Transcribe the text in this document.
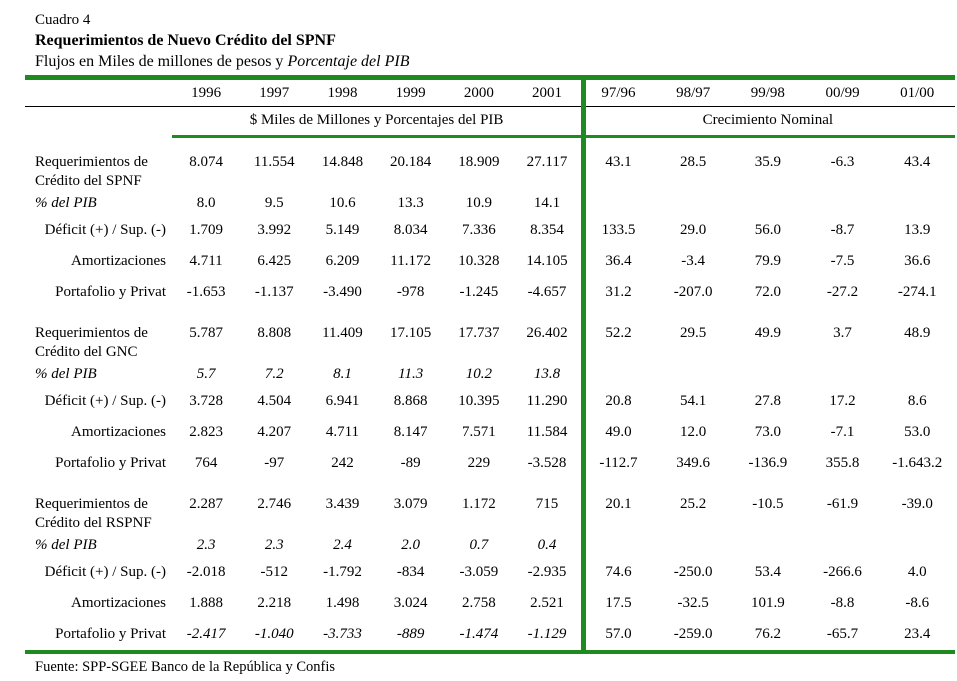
Cuadro 4
Requerimientos de Nuevo Crédito del SPNF
Flujos en Miles de millones de pesos y Porcentaje del PIB
1996	1997	1998	1999	2000	2001	97/96	98/97	99/98	00/99	01/00
$ Miles de Millones y Porcentajes del PIB	Crecimiento Nominal
Requerimientos de
Crédito del SPNF
8.074	11.554	14.848	20.184	18.909	27.117	43.1	28.5	35.9	-6.3	43.4
% del PIB	8.0	9.5	10.6	13.3	10.9	14.1
Déficit (+) / Sup. (-)	1.709	3.992	5.149	8.034	7.336	8.354	133.5	29.0	56.0	-8.7	13.9
Amortizaciones	4.711	6.425	6.209	11.172	10.328	14.105	36.4	-3.4	79.9	-7.5	36.6
Portafolio y Privat	-1.653	-1.137	-3.490	-978	-1.245	-4.657	31.2	-207.0	72.0	-27.2	-274.1
Requerimientos de
Crédito del GNC
5.787	8.808	11.409	17.105	17.737	26.402	52.2	29.5	49.9	3.7	48.9
% del PIB	5.7	7.2	8.1	11.3	10.2	13.8
Déficit (+) / Sup. (-)	3.728	4.504	6.941	8.868	10.395	11.290	20.8	54.1	27.8	17.2	8.6
Amortizaciones	2.823	4.207	4.711	8.147	7.571	11.584	49.0	12.0	73.0	-7.1	53.0
Portafolio y Privat	764	-97	242	-89	229	-3.528	-112.7	349.6	-136.9	355.8	-1.643.2
Requerimientos de
Crédito del RSPNF
2.287	2.746	3.439	3.079	1.172	715	20.1	25.2	-10.5	-61.9	-39.0
% del PIB	2.3	2.3	2.4	2.0	0.7	0.4
Déficit (+) / Sup. (-)	-2.018	-512	-1.792	-834	-3.059	-2.935	74.6	-250.0	53.4	-266.6	4.0
Amortizaciones	1.888	2.218	1.498	3.024	2.758	2.521	17.5	-32.5	101.9	-8.8	-8.6
Portafolio y Privat	-2.417	-1.040	-3.733	-889	-1.474	-1.129	57.0	-259.0	76.2	-65.7	23.4
Fuente: SPP-SGEE Banco de la República y Confis
